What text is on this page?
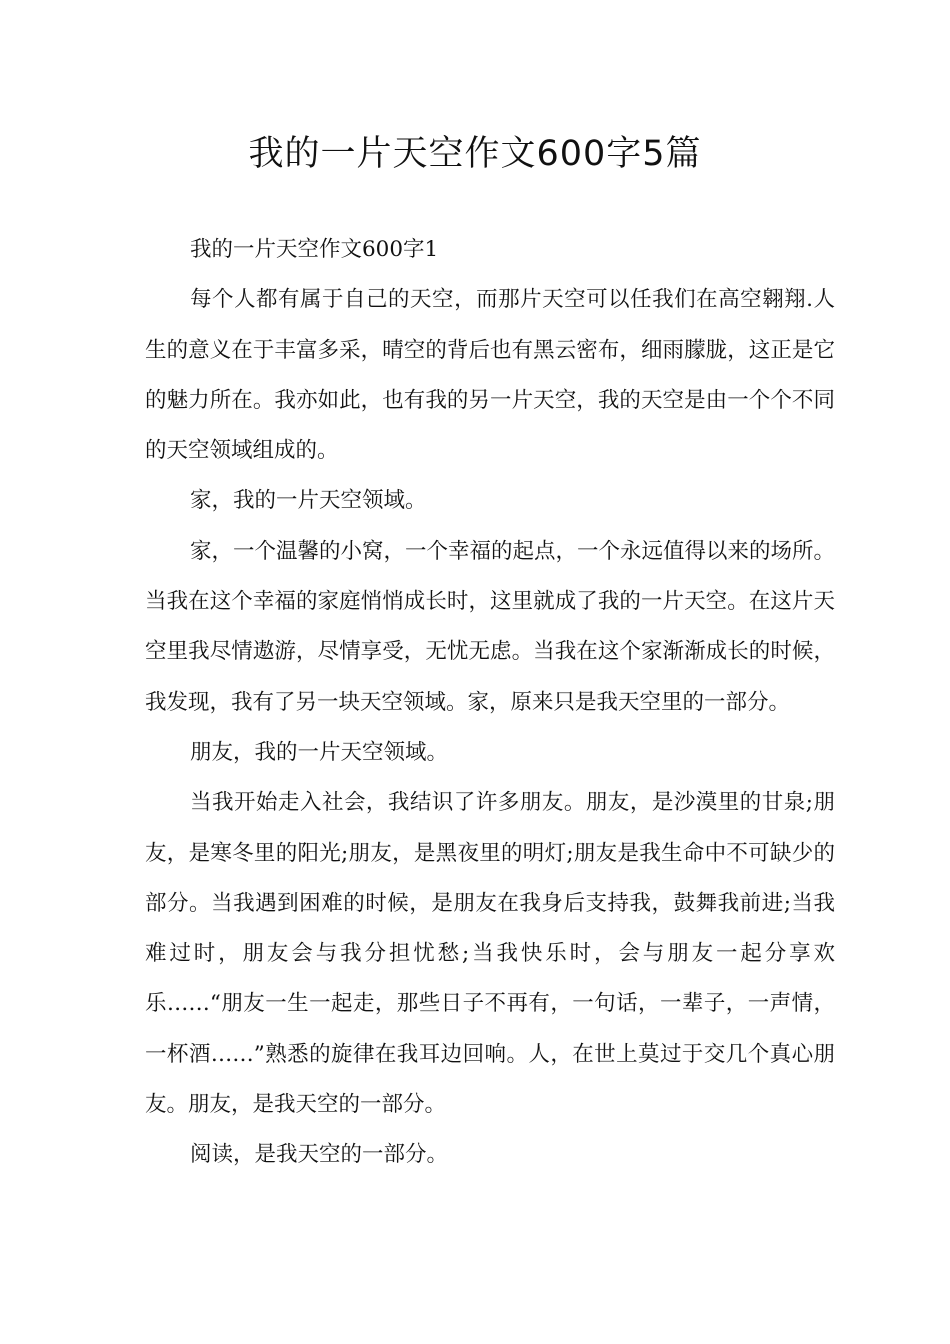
我的一片天空作文600字5篇

我的一片天空作文600字1

每个人都有属于自己的天空，而那片天空可以任我们在高空翱翔.人生的意义在于丰富多采，晴空的背后也有黑云密布，细雨朦胧，这正是它的魅力所在。我亦如此，也有我的另一片天空，我的天空是由一个个不同的天空领域组成的。

家，我的一片天空领域。

家，一个温馨的小窝，一个幸福的起点，一个永远值得以来的场所。当我在这个幸福的家庭悄悄成长时，这里就成了我的一片天空。在这片天空里我尽情遨游，尽情享受，无忧无虑。当我在这个家渐渐成长的时候，我发现，我有了另一块天空领域。家，原来只是我天空里的一部分。

朋友，我的一片天空领域。

当我开始走入社会，我结识了许多朋友。朋友，是沙漠里的甘泉;朋友，是寒冬里的阳光;朋友，是黑夜里的明灯;朋友是我生命中不可缺少的部分。当我遇到困难的时候，是朋友在我身后支持我，鼓舞我前进;当我难过时，朋友会与我分担忧愁;当我快乐时，会与朋友一起分享欢乐……“朋友一生一起走，那些日子不再有，一句话，一辈子，一声情，一杯酒……”熟悉的旋律在我耳边回响。人，在世上莫过于交几个真心朋友。朋友，是我天空的一部分。

阅读，是我天空的一部分。
